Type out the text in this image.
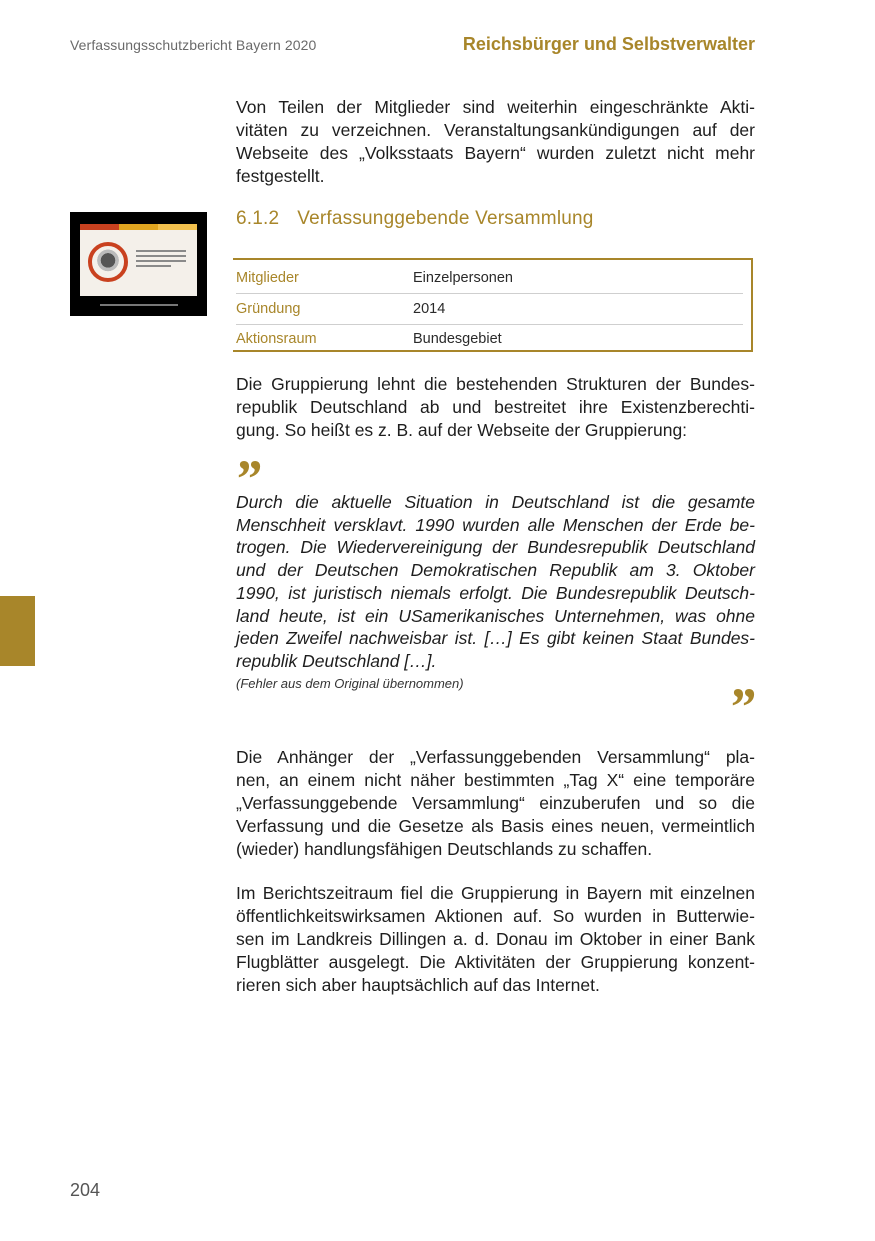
Verfassungsschutzbericht Bayern 2020	Reichsbürger und Selbstverwalter
Von Teilen der Mitglieder sind weiterhin eingeschränkte Akti-
vitäten zu verzeichnen. Veranstaltungsankündigungen auf der
Webseite des „Volksstaats Bayern“ wurden zuletzt nicht mehr
festgestellt.
6.1.2 Verfassunggebende Versammlung
Mitglieder	Einzelpersonen
Gründung	2014
Aktionsraum	Bundesgebiet
Die Gruppierung lehnt die bestehenden Strukturen der Bundes-
republik Deutschland ab und bestreitet ihre Existenzberechti-
gung. So heißt es z. B. auf der Webseite der Gruppierung:
”
Durch die aktuelle Situation in Deutschland ist die gesamte
Menschheit versklavt. 1990 wurden alle Menschen der Erde be-
trogen. Die Wiedervereinigung der Bundesrepublik Deutschland
und der Deutschen Demokratischen Republik am 3. Oktober
1990, ist juristisch niemals erfolgt. Die Bundesrepublik Deutsch-
land heute, ist ein USamerikanisches Unternehmen, was ohne
jeden Zweifel nachweisbar ist. […] Es gibt keinen Staat Bundes-
republik Deutschland […].
(Fehler aus dem Original übernommen)	”
Die Anhänger der „Verfassunggebenden Versammlung“ pla-
nen, an einem nicht näher bestimmten „Tag X“ eine temporäre
„Verfassunggebende Versammlung“ einzuberufen und so die
Verfassung und die Gesetze als Basis eines neuen, vermeintlich
(wieder) handlungsfähigen Deutschlands zu schaffen.
Im Berichtszeitraum fiel die Gruppierung in Bayern mit einzelnen
öffentlichkeitswirksamen Aktionen auf. So wurden in Butterwie-
sen im Landkreis Dillingen a. d. Donau im Oktober in einer Bank
Flugblätter ausgelegt. Die Aktivitäten der Gruppierung konzent-
rieren sich aber hauptsächlich auf das Internet.
204
